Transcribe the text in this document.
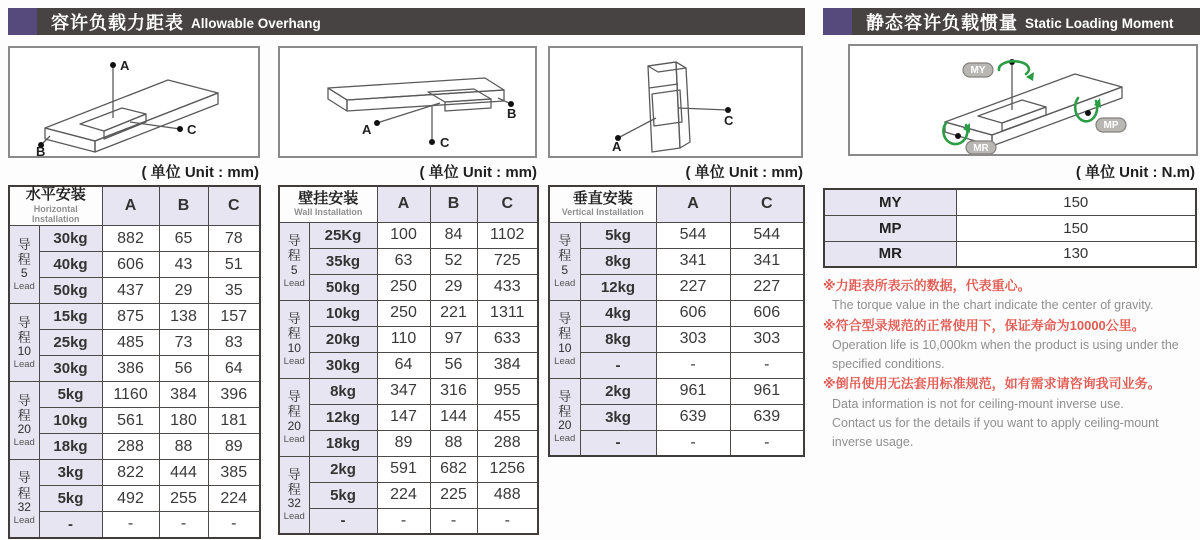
容许负载力距表 Allowable Overhang	静态容许负载惯量 Static Loading Moment
A
B
C	A
B
C	A
C
MY
MP
MR
( 单位 Unit : mm)	( 单位 Unit : mm)	( 单位 Unit : mm)	( 单位 Unit : N.m)
水平安装
Horizontal Installation		A	B	C

导
程
5
Lead	30kg	882	65	78
	40kg	606	43	51
	50kg	437	29	35

导
程
10
Lead	15kg	875	138	157
	25kg	485	73	83
	30kg	386	56	64

导
程
20
Lead	5kg	1160	384	396
	10kg	561	180	181
	18kg	288	88	89

导
程
32
Lead	3kg	822	444	385
	5kg	492	255	224
	-	-	-	-
壁挂安装
Wall Installation		A	B	C

导
程
5
Lead	25Kg	100	84	1102
	35kg	63	52	725
	50kg	250	29	433

导
程
10
Lead	10kg	250	221	1311
	20kg	110	97	633
	30kg	64	56	384

导
程
20
Lead	8kg	347	316	955
	12kg	147	144	455
	18kg	89	88	288

导
程
32
Lead	2kg	591	682	1256
	5kg	224	225	488
	-	-	-	-
垂直安装
Vertical Installation		A	C

导
程
5
Lead	5kg	544	544
	8kg	341	341
	12kg	227	227

导
程
10
Lead	4kg	606	606
	8kg	303	303
	-	-	-

导
程
20
Lead	2kg	961	961
	3kg	639	639
	-	-	-
MY	150
MP	150
MR	130
※力距表所表示的数据，代表重心。
The torque value in the chart indicate the center of gravity.
※符合型录规范的正常使用下，保证寿命为10000公里。
Operation life is 10,000km when the product is using under the
specified conditions.
※倒吊使用无法套用标准规范，如有需求请咨询我司业务。
Data information is not for ceiling-mount inverse use.
Contact us for the details if you want to apply ceiling-mount
inverse usage.
